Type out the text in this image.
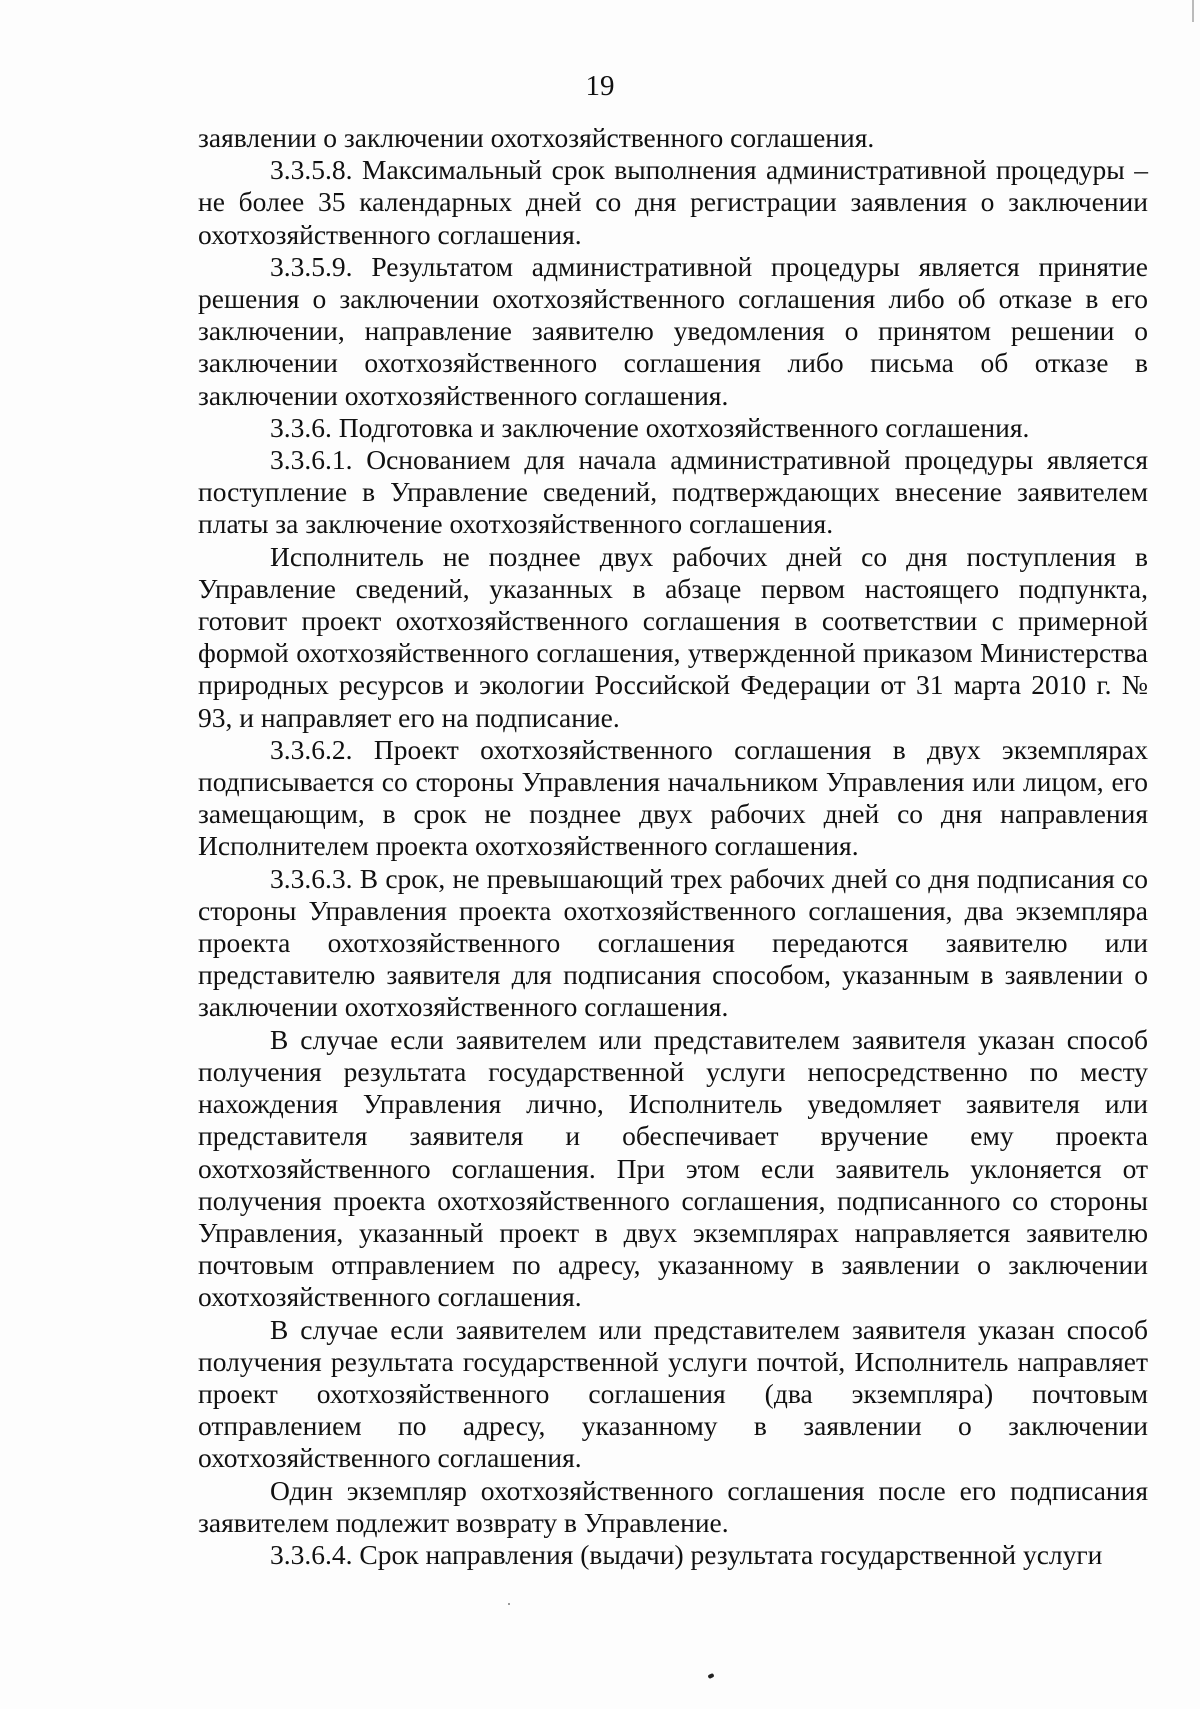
19

заявлении о заключении охотхозяйственного соглашения.

3.3.5.8. Максимальный срок выполнения административной процедуры – не более 35 календарных дней со дня регистрации заявления о заключении охотхозяйственного соглашения.

3.3.5.9. Результатом административной процедуры является принятие решения о заключении охотхозяйственного соглашения либо об отказе в его заключении, направление заявителю уведомления о принятом решении о заключении охотхозяйственного соглашения либо письма об отказе в заключении охотхозяйственного соглашения.

3.3.6. Подготовка и заключение охотхозяйственного соглашения.

3.3.6.1. Основанием для начала административной процедуры является поступление в Управление сведений, подтверждающих внесение заявителем платы за заключение охотхозяйственного соглашения.

Исполнитель не позднее двух рабочих дней со дня поступления в Управление сведений, указанных в абзаце первом настоящего подпункта, готовит проект охотхозяйственного соглашения в соответствии с примерной формой охотхозяйственного соглашения, утвержденной приказом Министерства природных ресурсов и экологии Российской Федерации от 31 марта 2010 г. № 93, и направляет его на подписание.

3.3.6.2. Проект охотхозяйственного соглашения в двух экземплярах подписывается со стороны Управления начальником Управления или лицом, его замещающим, в срок не позднее двух рабочих дней со дня направления Исполнителем проекта охотхозяйственного соглашения.

3.3.6.3. В срок, не превышающий трех рабочих дней со дня подписания со стороны Управления проекта охотхозяйственного соглашения, два экземпляра проекта охотхозяйственного соглашения передаются заявителю или представителю заявителя для подписания способом, указанным в заявлении о заключении охотхозяйственного соглашения.

В случае если заявителем или представителем заявителя указан способ получения результата государственной услуги непосредственно по месту нахождения Управления лично, Исполнитель уведомляет заявителя или представителя заявителя и обеспечивает вручение ему проекта охотхозяйственного соглашения. При этом если заявитель уклоняется от получения проекта охотхозяйственного соглашения, подписанного со стороны Управления, указанный проект в двух экземплярах направляется заявителю почтовым отправлением по адресу, указанному в заявлении о заключении охотхозяйственного соглашения.

В случае если заявителем или представителем заявителя указан способ получения результата государственной услуги почтой, Исполнитель направляет проект охотхозяйственного соглашения (два экземпляра) почтовым отправлением по адресу, указанному в заявлении о заключении охотхозяйственного соглашения.

Один экземпляр охотхозяйственного соглашения после его подписания заявителем подлежит возврату в Управление.

3.3.6.4. Срок направления (выдачи) результата государственной услуги
